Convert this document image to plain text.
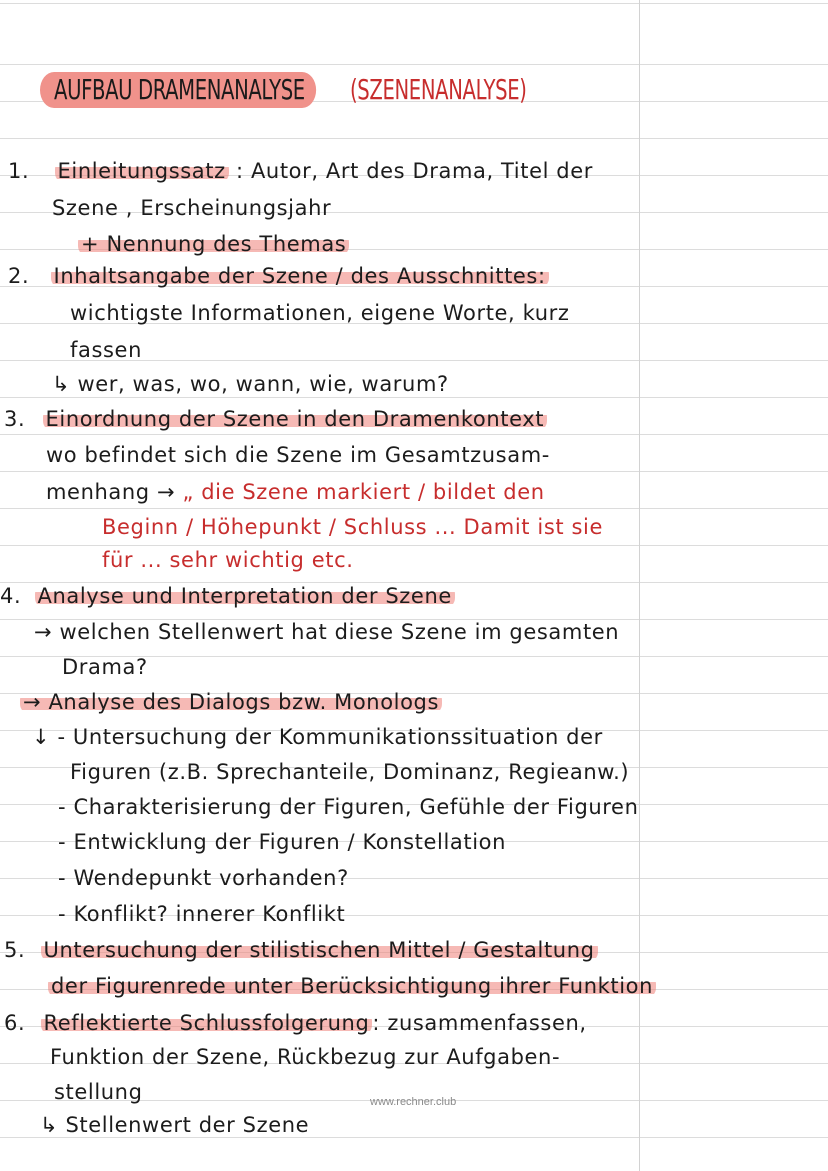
AUFBAU DRAMENANALYSE	(SZENENANALYSE)
1. Einleitungssatz : Autor, Art des Drama, Titel der
Szene , Erscheinungsjahr
+ Nennung des Themas
2. Inhaltsangabe der Szene / des Ausschnittes:
wichtigste Informationen, eigene Worte, kurz
fassen
↳ wer, was, wo, wann, wie, warum?
3. Einordnung der Szene in den Dramenkontext
wo befindet sich die Szene im Gesamtzusam-
menhang → „ die Szene markiert / bildet den
Beginn / Höhepunkt / Schluss ... Damit ist sie
für ... sehr wichtig etc.
4. Analyse und Interpretation der Szene
→ welchen Stellenwert hat diese Szene im gesamten
Drama?
→ Analyse des Dialogs bzw. Monologs
↓ - Untersuchung der Kommunikationssituation der
Figuren (z.B. Sprechanteile, Dominanz, Regieanw.)
- Charakterisierung der Figuren, Gefühle der Figuren
- Entwicklung der Figuren / Konstellation
- Wendepunkt vorhanden?
- Konflikt? innerer Konflikt
5. Untersuchung der stilistischen Mittel / Gestaltung
der Figurenrede unter Berücksichtigung ihrer Funktion
6. Reflektierte Schlussfolgerung : zusammenfassen,
Funktion der Szene, Rückbezug zur Aufgaben-
stellung
↳ Stellenwert der Szene
www.rechner.club
